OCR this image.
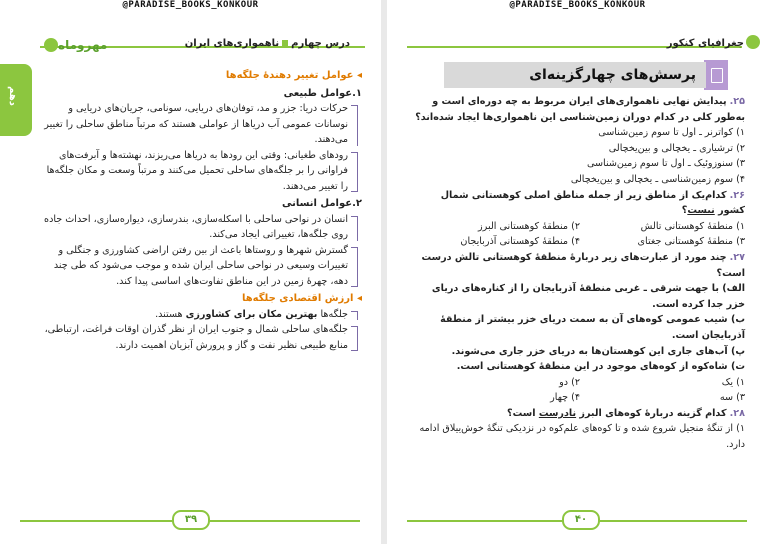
@PARADISE_BOOKS_KONKOUR
مهروماه	درس چهارمناهمواری‌های ایران
دهم
◂ عوامل تغییر دهندهٔ جلگه‌ها
۱.عوامل طبیعی
حرکات دریا: جزر و مد، توفان‌های دریایی، سونامی، جریان‌های دریایی و نوسانات عمومی آب دریاها از عواملی هستند که مرتباً مناطق ساحلی را تغییر می‌دهند.
رودهای طغیانی: وقتی این رودها به دریاها می‌ریزند، نهشته‌ها و آبرفت‌های فراوانی را بر جلگه‌های ساحلی تحمیل می‌کنند و مرتباً وسعت و مکان جلگه‌ها را تغییر می‌دهند.
۲.عوامل انسانی
انسان در نواحی ساحلی با اسکله‌سازی، بندرسازی، دیواره‌سازی، احداث جاده روی جلگه‌ها، تغییراتی ایجاد می‌کند.
گسترش شهرها و روستاها باعث از بین رفتن اراضی کشاورزی و جنگلی و تغییرات وسیعی در نواحی ساحلی ایران شده و موجب می‌شود که طی چند دهه، چهرهٔ زمین در این مناطق تفاوت‌های اساسی پیدا کند.
◂ ارزش اقتصادی جلگه‌ها
جلگه‌ها بهترین مکان برای کشاورزی هستند.
جلگه‌های ساحلی شمال و جنوب ایران از نظر گذران اوقات فراغت، ارتباطی، منابع طبیعی نظیر نفت و گاز و پرورش آبزیان اهمیت دارند.
۳۹
@PARADISE_BOOKS_KONKOUR
جغرافیای کنکور
پرسش‌های چهارگزینه‌ای
۲۵. پیدایش نهایی ناهمواری‌های ایران مربوط به چه دوره‌ای است و به‌طور کلی در کدام دوران زمین‌شناسی این ناهمواری‌ها ایجاد شده‌اند؟
۱) کواترنر ـ اول تا سوم زمین‌شناسی
۲) ترشیاری ـ یخچالی و بین‌یخچالی
۳) سنوزوئیک ـ اول تا سوم زمین‌شناسی
۴) سوم زمین‌شناسی ـ یخچالی و بین‌یخچالی
۲۶. کدام‌یک از مناطق زیر از جمله مناطق اصلی کوهستانی شمال کشور نیست؟
۱) منطقهٔ کوهستانی تالش
۲) منطقهٔ کوهستانی البرز
۳) منطقهٔ کوهستانی جغتای
۴) منطقهٔ کوهستانی آذربایجان
۲۷. چند مورد از عبارت‌های زیر دربارهٔ منطقهٔ کوهستانی تالش درست است؟
الف) با جهت شرقی ـ غربی منطقهٔ آذربایجان را از کناره‌های دریای خزر جدا کرده است.
ب) شیب عمومی کوه‌های آن به سمت دریای خزر بیشتر از منطقهٔ آذربایجان است.
پ) آب‌های جاری این کوهستان‌ها به دریای خزر جاری می‌شوند.
ت) شاه‌کوه از کوه‌های موجود در این منطقهٔ کوهستانی است.
۱) یک
۲) دو
۳) سه
۴) چهار
۲۸. کدام گزینه دربارهٔ کوه‌های البرز نادرست است؟
۱) از تنگهٔ منجیل شروع شده و تا کوه‌های علم‌کوه در نزدیکی تنگهٔ خوش‌ییلاق ادامه دارد.
۴۰
